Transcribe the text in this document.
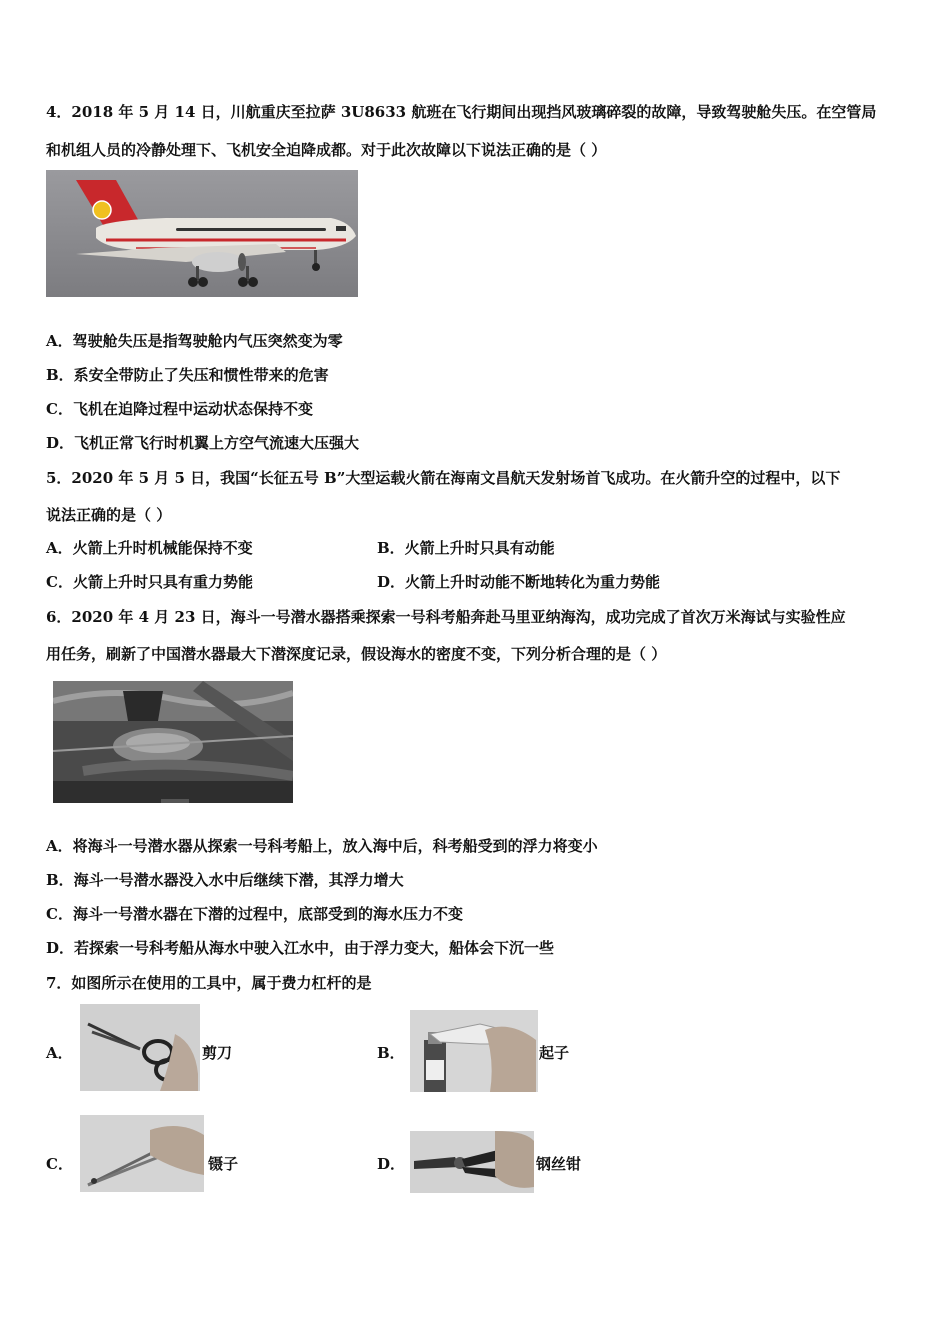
4．2018 年 5 月 14 日，川航重庆至拉萨 3U8633 航班在飞行期间出现挡风玻璃碎裂的故障，导致驾驶舱失压。在空管局
和机组人员的冷静处理下、飞机安全迫降成都。对于此次故障以下说法正确的是（ ）
A．驾驶舱失压是指驾驶舱内气压突然变为零
B．系安全带防止了失压和惯性带来的危害
C．飞机在迫降过程中运动状态保持不变
D．飞机正常飞行时机翼上方空气流速大压强大
5．2020 年 5 月 5 日，我国“长征五号 B”大型运载火箭在海南文昌航天发射场首飞成功。在火箭升空的过程中，以下
说法正确的是（ ）
A．火箭上升时机械能保持不变	B．火箭上升时只具有动能
C．火箭上升时只具有重力势能	D．火箭上升时动能不断地转化为重力势能
6．2020 年 4 月 23 日，海斗一号潜水器搭乘探索一号科考船奔赴马里亚纳海沟，成功完成了首次万米海试与实验性应
用任务，刷新了中国潜水器最大下潜深度记录，假设海水的密度不变，下列分析合理的是（ ）
A．将海斗一号潜水器从探索一号科考船上，放入海中后，科考船受到的浮力将变小
B．海斗一号潜水器没入水中后继续下潜，其浮力增大
C．海斗一号潜水器在下潜的过程中，底部受到的海水压力不变
D．若探索一号科考船从海水中驶入江水中，由于浮力变大，船体会下沉一些
7．如图所示在使用的工具中，属于费力杠杆的是
A．	剪刀	B．	起子
C．	镊子	D．	钢丝钳
